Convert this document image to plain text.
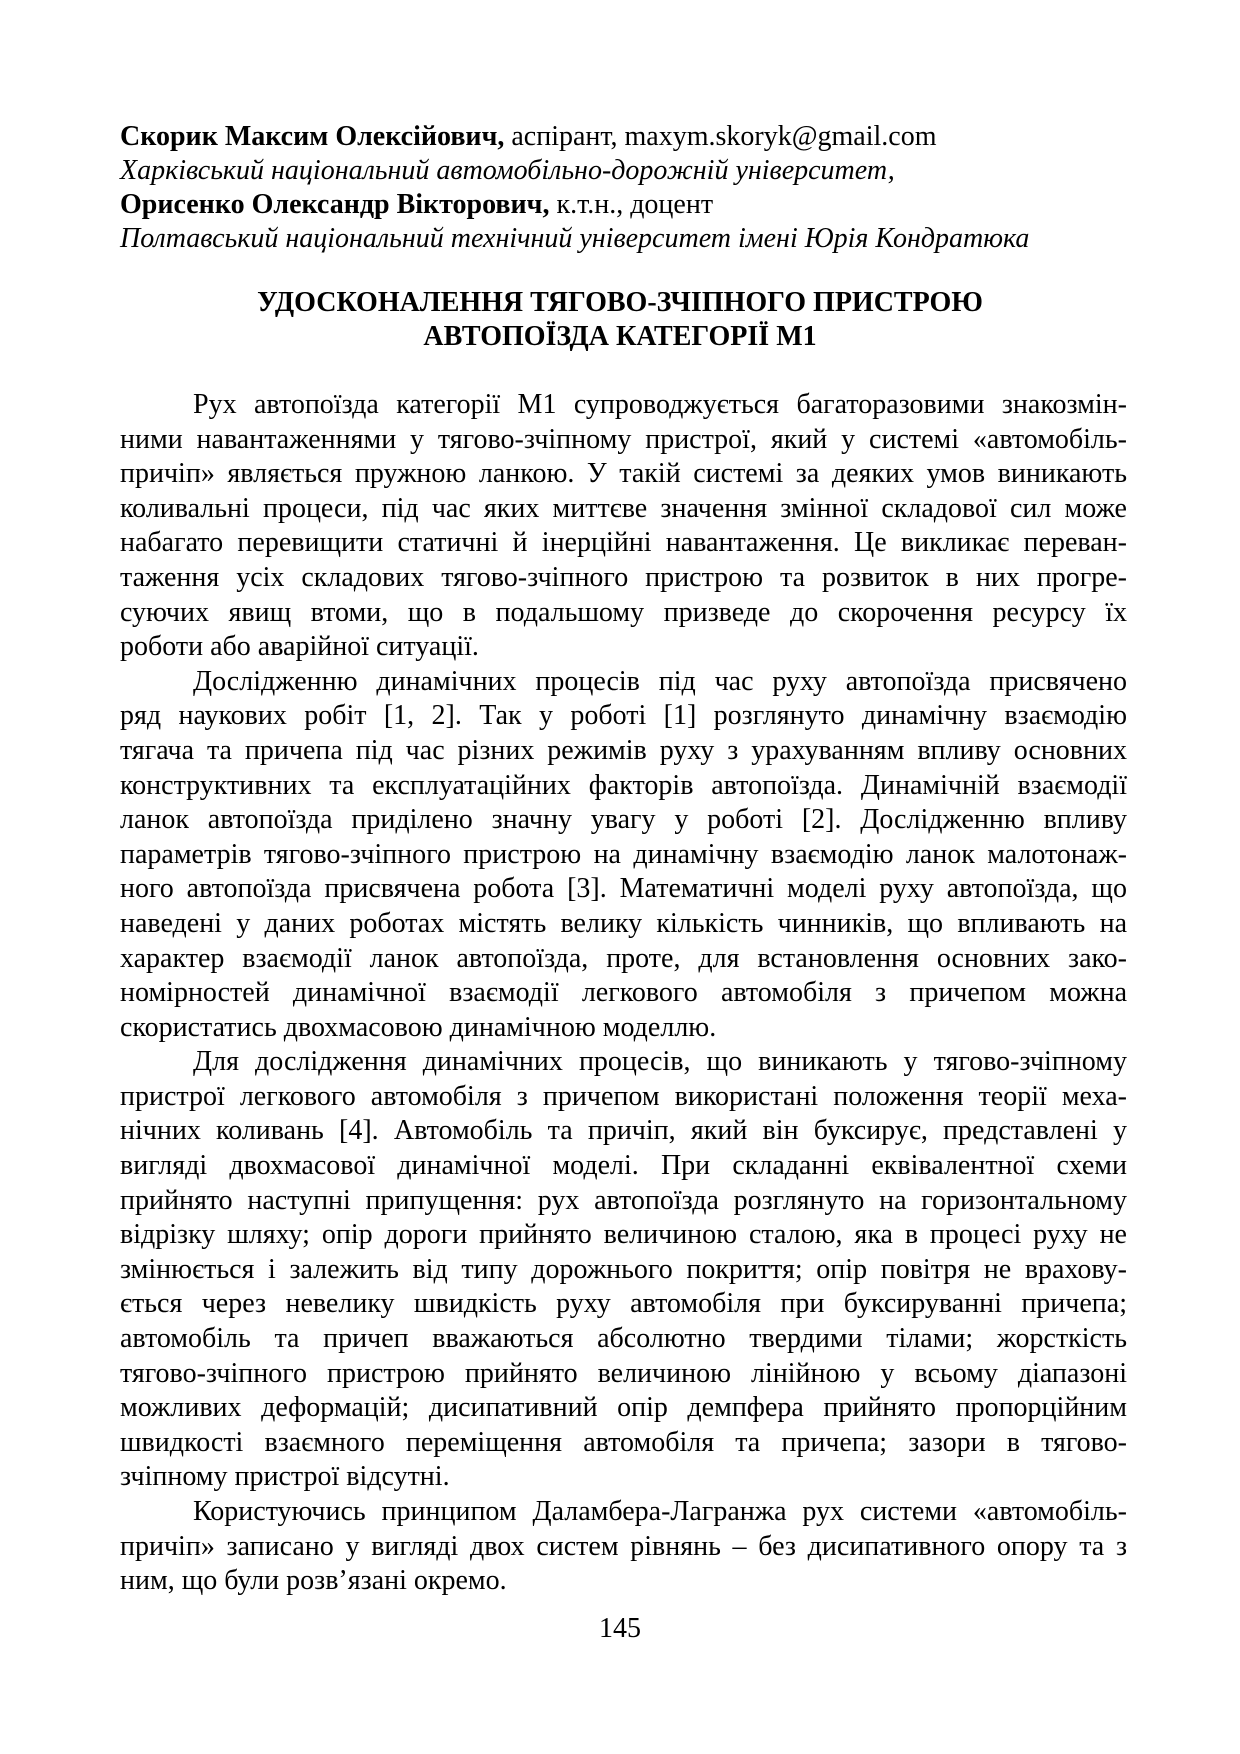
Скорик Максим Олексійович, аспірант, maxym.skoryk@gmail.com
Харківський національний автомобільно-дорожній університет,
Орисенко Олександр Вікторович, к.т.н., доцент
Полтавський національний технічний університет імені Юрія Кондратюка
УДОСКОНАЛЕННЯ ТЯГОВО-ЗЧІПНОГО ПРИСТРОЮ
АВТОПОЇЗДА КАТЕГОРІЇ М1
Рух автопоїзда категорії М1 супроводжується багаторазовими знакозмін-
ними навантаженнями у тягово-зчіпному пристрої, який у системі «автомобіль-
причіп» являється пружною ланкою. У такій системі за деяких умов виникають
коливальні процеси, під час яких миттєве значення змінної складової сил може
набагато перевищити статичні й інерційні навантаження. Це викликає переван-
таження усіх складових тягово-зчіпного пристрою та розвиток в них прогре-
суючих явищ втоми, що в подальшому призведе до скорочення ресурсу їх
роботи або аварійної ситуації.
Дослідженню динамічних процесів під час руху автопоїзда присвячено
ряд наукових робіт [1, 2]. Так у роботі [1] розглянуто динамічну взаємодію
тягача та причепа під час різних режимів руху з урахуванням впливу основних
конструктивних та експлуатаційних факторів автопоїзда. Динамічній взаємодії
ланок автопоїзда приділено значну увагу у роботі [2]. Дослідженню впливу
параметрів тягово-зчіпного пристрою на динамічну взаємодію ланок малотонаж-
ного автопоїзда присвячена робота [3]. Математичні моделі руху автопоїзда, що
наведені у даних роботах містять велику кількість чинників, що впливають на
характер взаємодії ланок автопоїзда, проте, для встановлення основних зако-
номірностей динамічної взаємодії легкового автомобіля з причепом можна
скористатись двохмасовою динамічною моделлю.
Для дослідження динамічних процесів, що виникають у тягово-зчіпному
пристрої легкового автомобіля з причепом використані положення теорії меха-
нічних коливань [4]. Автомобіль та причіп, який він буксирує, представлені у
вигляді двохмасової динамічної моделі. При складанні еквівалентної схеми
прийнято наступні припущення: рух автопоїзда розглянуто на горизонтальному
відрізку шляху; опір дороги прийнято величиною сталою, яка в процесі руху не
змінюється і залежить від типу дорожнього покриття; опір повітря не врахову-
ється через невелику швидкість руху автомобіля при буксируванні причепа;
автомобіль та причеп вважаються абсолютно твердими тілами; жорсткість
тягово-зчіпного пристрою прийнято величиною лінійною у всьому діапазоні
можливих деформацій; дисипативний опір демпфера прийнято пропорційним
швидкості взаємного переміщення автомобіля та причепа; зазори в тягово-
зчіпному пристрої відсутні.
Користуючись принципом Даламбера-Лагранжа рух системи «автомобіль-
причіп» записано у вигляді двох систем рівнянь – без дисипативного опору та з
ним, що були розв’язані окремо.
145
